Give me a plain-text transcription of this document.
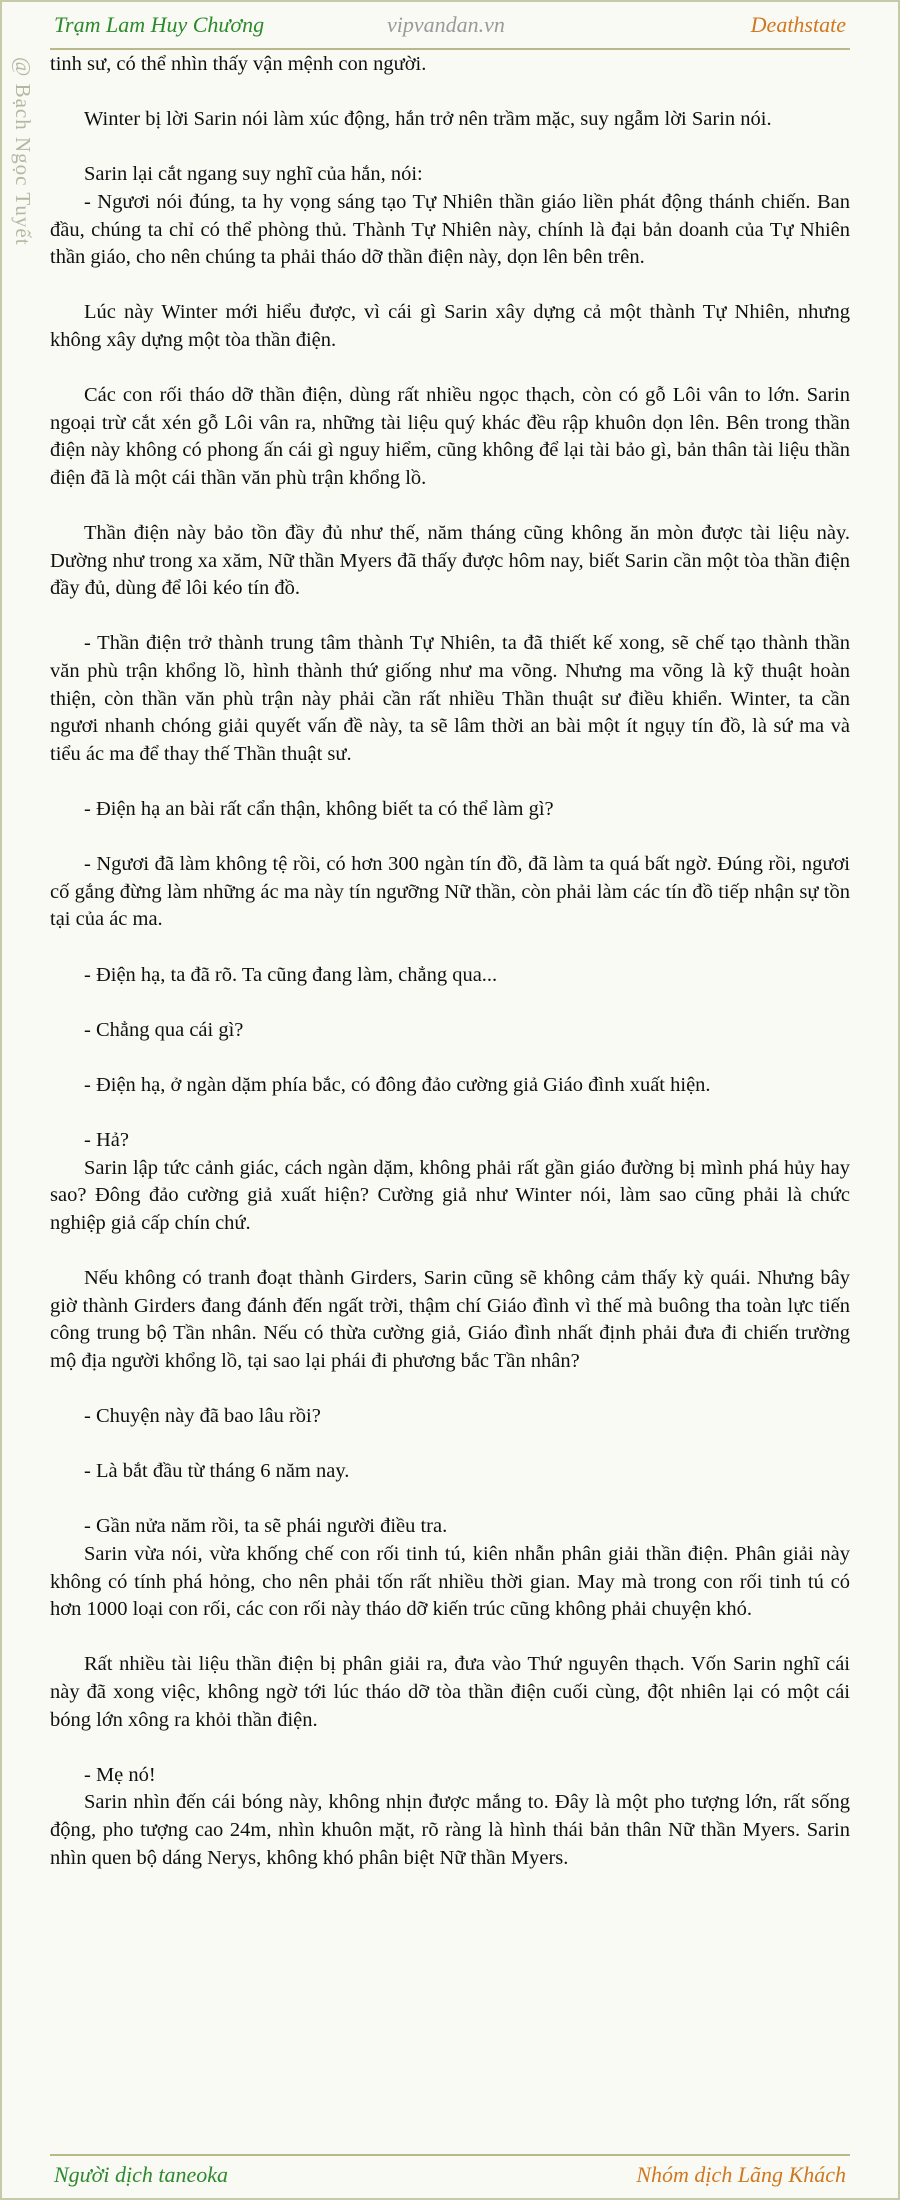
Trạm Lam Huy Chương	vipvandan.vn	Deathstate
@ Bạch Ngọc Tuyết tinh sư, có thể nhìn thấy vận mệnh con người.

Winter bị lời Sarin nói làm xúc động, hắn trở nên trầm mặc, suy ngẫm lời Sarin nói.

Sarin lại cắt ngang suy nghĩ của hắn, nói:

- Ngươi nói đúng, ta hy vọng sáng tạo Tự Nhiên thần giáo liền phát động thánh chiến. Ban đầu, chúng ta chỉ có thể phòng thủ. Thành Tự Nhiên này, chính là đại bản doanh của Tự Nhiên thần giáo, cho nên chúng ta phải tháo dỡ thần điện này, dọn lên bên trên.

Lúc này Winter mới hiểu được, vì cái gì Sarin xây dựng cả một thành Tự Nhiên, nhưng không xây dựng một tòa thần điện.

Các con rối tháo dỡ thần điện, dùng rất nhiều ngọc thạch, còn có gỗ Lôi vân to lớn. Sarin ngoại trừ cắt xén gỗ Lôi vân ra, những tài liệu quý khác đều rập khuôn dọn lên. Bên trong thần điện này không có phong ấn cái gì nguy hiểm, cũng không để lại tài bảo gì, bản thân tài liệu thần điện đã là một cái thần văn phù trận khổng lồ.

Thần điện này bảo tồn đầy đủ như thế, năm tháng cũng không ăn mòn được tài liệu này. Dường như trong xa xăm, Nữ thần Myers đã thấy được hôm nay, biết Sarin cần một tòa thần điện đầy đủ, dùng để lôi kéo tín đồ.

- Thần điện trở thành trung tâm thành Tự Nhiên, ta đã thiết kế xong, sẽ chế tạo thành thần văn phù trận khổng lồ, hình thành thứ giống như ma võng. Nhưng ma võng là kỹ thuật hoàn thiện, còn thần văn phù trận này phải cần rất nhiều Thần thuật sư điều khiển. Winter, ta cần ngươi nhanh chóng giải quyết vấn đề này, ta sẽ lâm thời an bài một ít ngụy tín đồ, là sứ ma và tiểu ác ma để thay thế Thần thuật sư.

- Điện hạ an bài rất cẩn thận, không biết ta có thể làm gì?

- Ngươi đã làm không tệ rồi, có hơn 300 ngàn tín đồ, đã làm ta quá bất ngờ. Đúng rồi, ngươi cố gắng đừng làm những ác ma này tín ngưỡng Nữ thần, còn phải làm các tín đồ tiếp nhận sự tồn tại của ác ma.

- Điện hạ, ta đã rõ. Ta cũng đang làm, chẳng qua...

- Chẳng qua cái gì?

- Điện hạ, ở ngàn dặm phía bắc, có đông đảo cường giả Giáo đình xuất hiện.

- Hả?

Sarin lập tức cảnh giác, cách ngàn dặm, không phải rất gần giáo đường bị mình phá hủy hay sao? Đông đảo cường giả xuất hiện? Cường giả như Winter nói, làm sao cũng phải là chức nghiệp giả cấp chín chứ.

Nếu không có tranh đoạt thành Girders, Sarin cũng sẽ không cảm thấy kỳ quái. Nhưng bây giờ thành Girders đang đánh đến ngất trời, thậm chí Giáo đình vì thế mà buông tha toàn lực tiến công trung bộ Tần nhân. Nếu có thừa cường giả, Giáo đình nhất định phải đưa đi chiến trường mộ địa người khổng lồ, tại sao lại phái đi phương bắc Tần nhân?

- Chuyện này đã bao lâu rồi?

- Là bắt đầu từ tháng 6 năm nay.

- Gần nửa năm rồi, ta sẽ phái người điều tra.

Sarin vừa nói, vừa khống chế con rối tinh tú, kiên nhẫn phân giải thần điện. Phân giải này không có tính phá hỏng, cho nên phải tốn rất nhiều thời gian. May mà trong con rối tinh tú có hơn 1000 loại con rối, các con rối này tháo dỡ kiến trúc cũng không phải chuyện khó.

Rất nhiều tài liệu thần điện bị phân giải ra, đưa vào Thứ nguyên thạch. Vốn Sarin nghĩ cái này đã xong việc, không ngờ tới lúc tháo dỡ tòa thần điện cuối cùng, đột nhiên lại có một cái bóng lớn xông ra khỏi thần điện.

- Mẹ nó!

Sarin nhìn đến cái bóng này, không nhịn được mắng to. Đây là một pho tượng lớn, rất sống động, pho tượng cao 24m, nhìn khuôn mặt, rõ ràng là hình thái bản thân Nữ thần Myers. Sarin nhìn quen bộ dáng Nerys, không khó phân biệt Nữ thần Myers.

Người dịch taneoka	Nhóm dịch Lãng Khách
